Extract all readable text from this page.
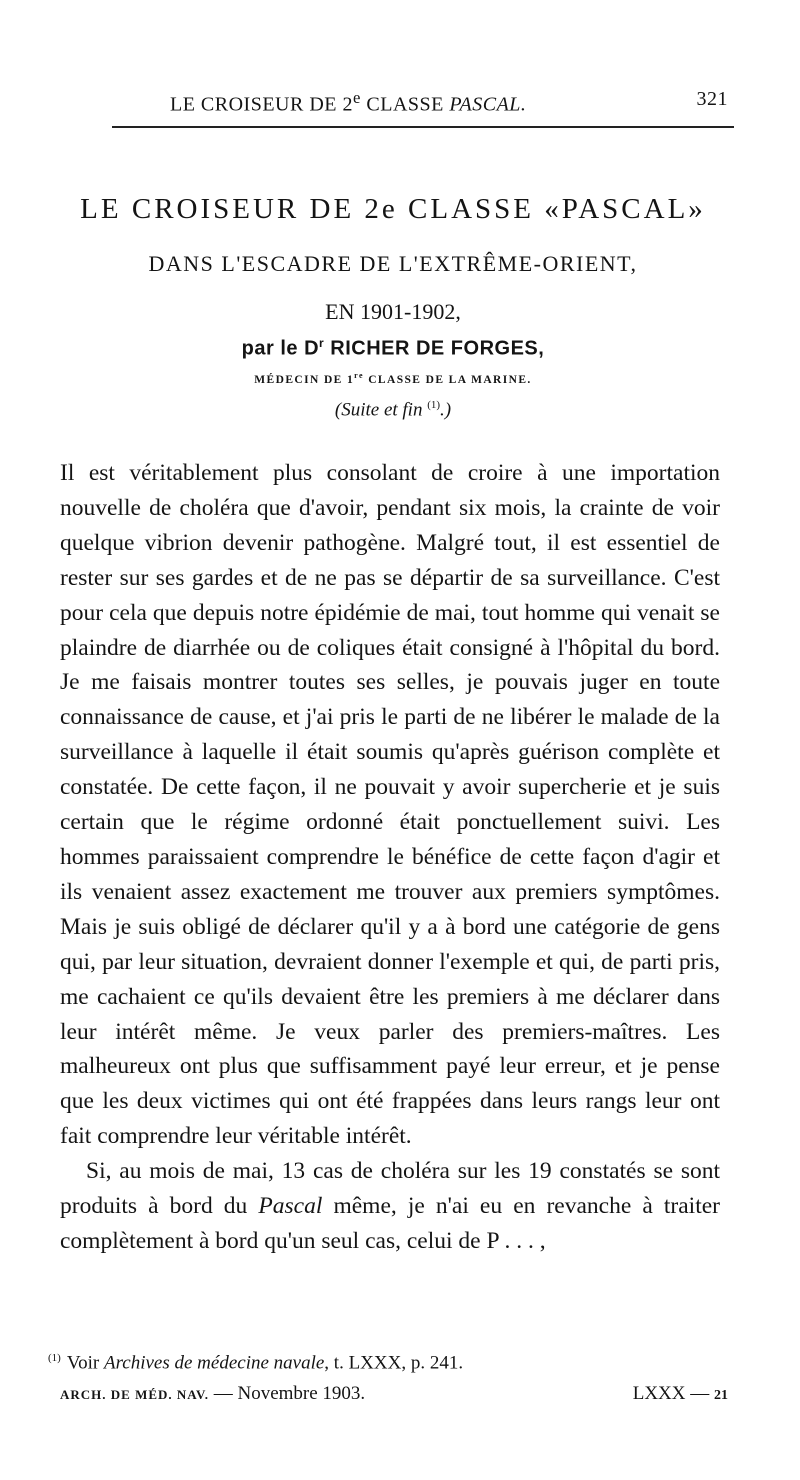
LE CROISEUR DE 2e CLASSE PASCAL.	321
LE CROISEUR DE 2e CLASSE «PASCAL»
DANS L'ESCADRE DE L'EXTRÊME-ORIENT,
EN 1901-1902,
par le $D^r$ RICHER DE FORGES,
MÉDECIN DE 1re CLASSE DE LA MARINE.
(Suite et fin $^{(1)}$.)

Il est véritablement plus consolant de croire à une importation nouvelle de choléra que d'avoir, pendant six mois, la crainte de voir quelque vibrion devenir pathogène. Malgré tout, il est essentiel de rester sur ses gardes et de ne pas se départir de sa surveillance. C'est pour cela que depuis notre épidémie de mai, tout homme qui venait se plaindre de diarrhée ou de coliques était consigné à l'hôpital du bord. Je me faisais montrer toutes ses selles, je pouvais juger en toute connaissance de cause, et j'ai pris le parti de ne libérer le malade de la surveillance à laquelle il était soumis qu'après guérison complète et constatée. De cette façon, il ne pouvait y avoir supercherie et je suis certain que le régime ordonné était ponctuellement suivi. Les hommes paraissaient comprendre le bénéfice de cette façon d'agir et ils venaient assez exactement me trouver aux premiers symptômes. Mais je suis obligé de déclarer qu'il y a à bord une catégorie de gens qui, par leur situation, devraient donner l'exemple et qui, de parti pris, me cachaient ce qu'ils devaient être les premiers à me déclarer dans leur intérêt même. Je veux parler des premiers-maîtres. Les malheureux ont plus que suffisamment payé leur erreur, et je pense que les deux victimes qui ont été frappées dans leurs rangs leur ont fait comprendre leur véritable intérêt.

Si, au mois de mai, 13 cas de choléra sur les 19 constatés se sont produits à bord du Pascal même, je n'ai eu en revanche à traiter complètement à bord qu'un seul cas, celui de P . . . ,

$^{(1)}$ Voir Archives de médecine navale, t. LXXX, p. 241.
ARCH. DE MÉD. NAV. — Novembre 1903.	LXXX — 21
